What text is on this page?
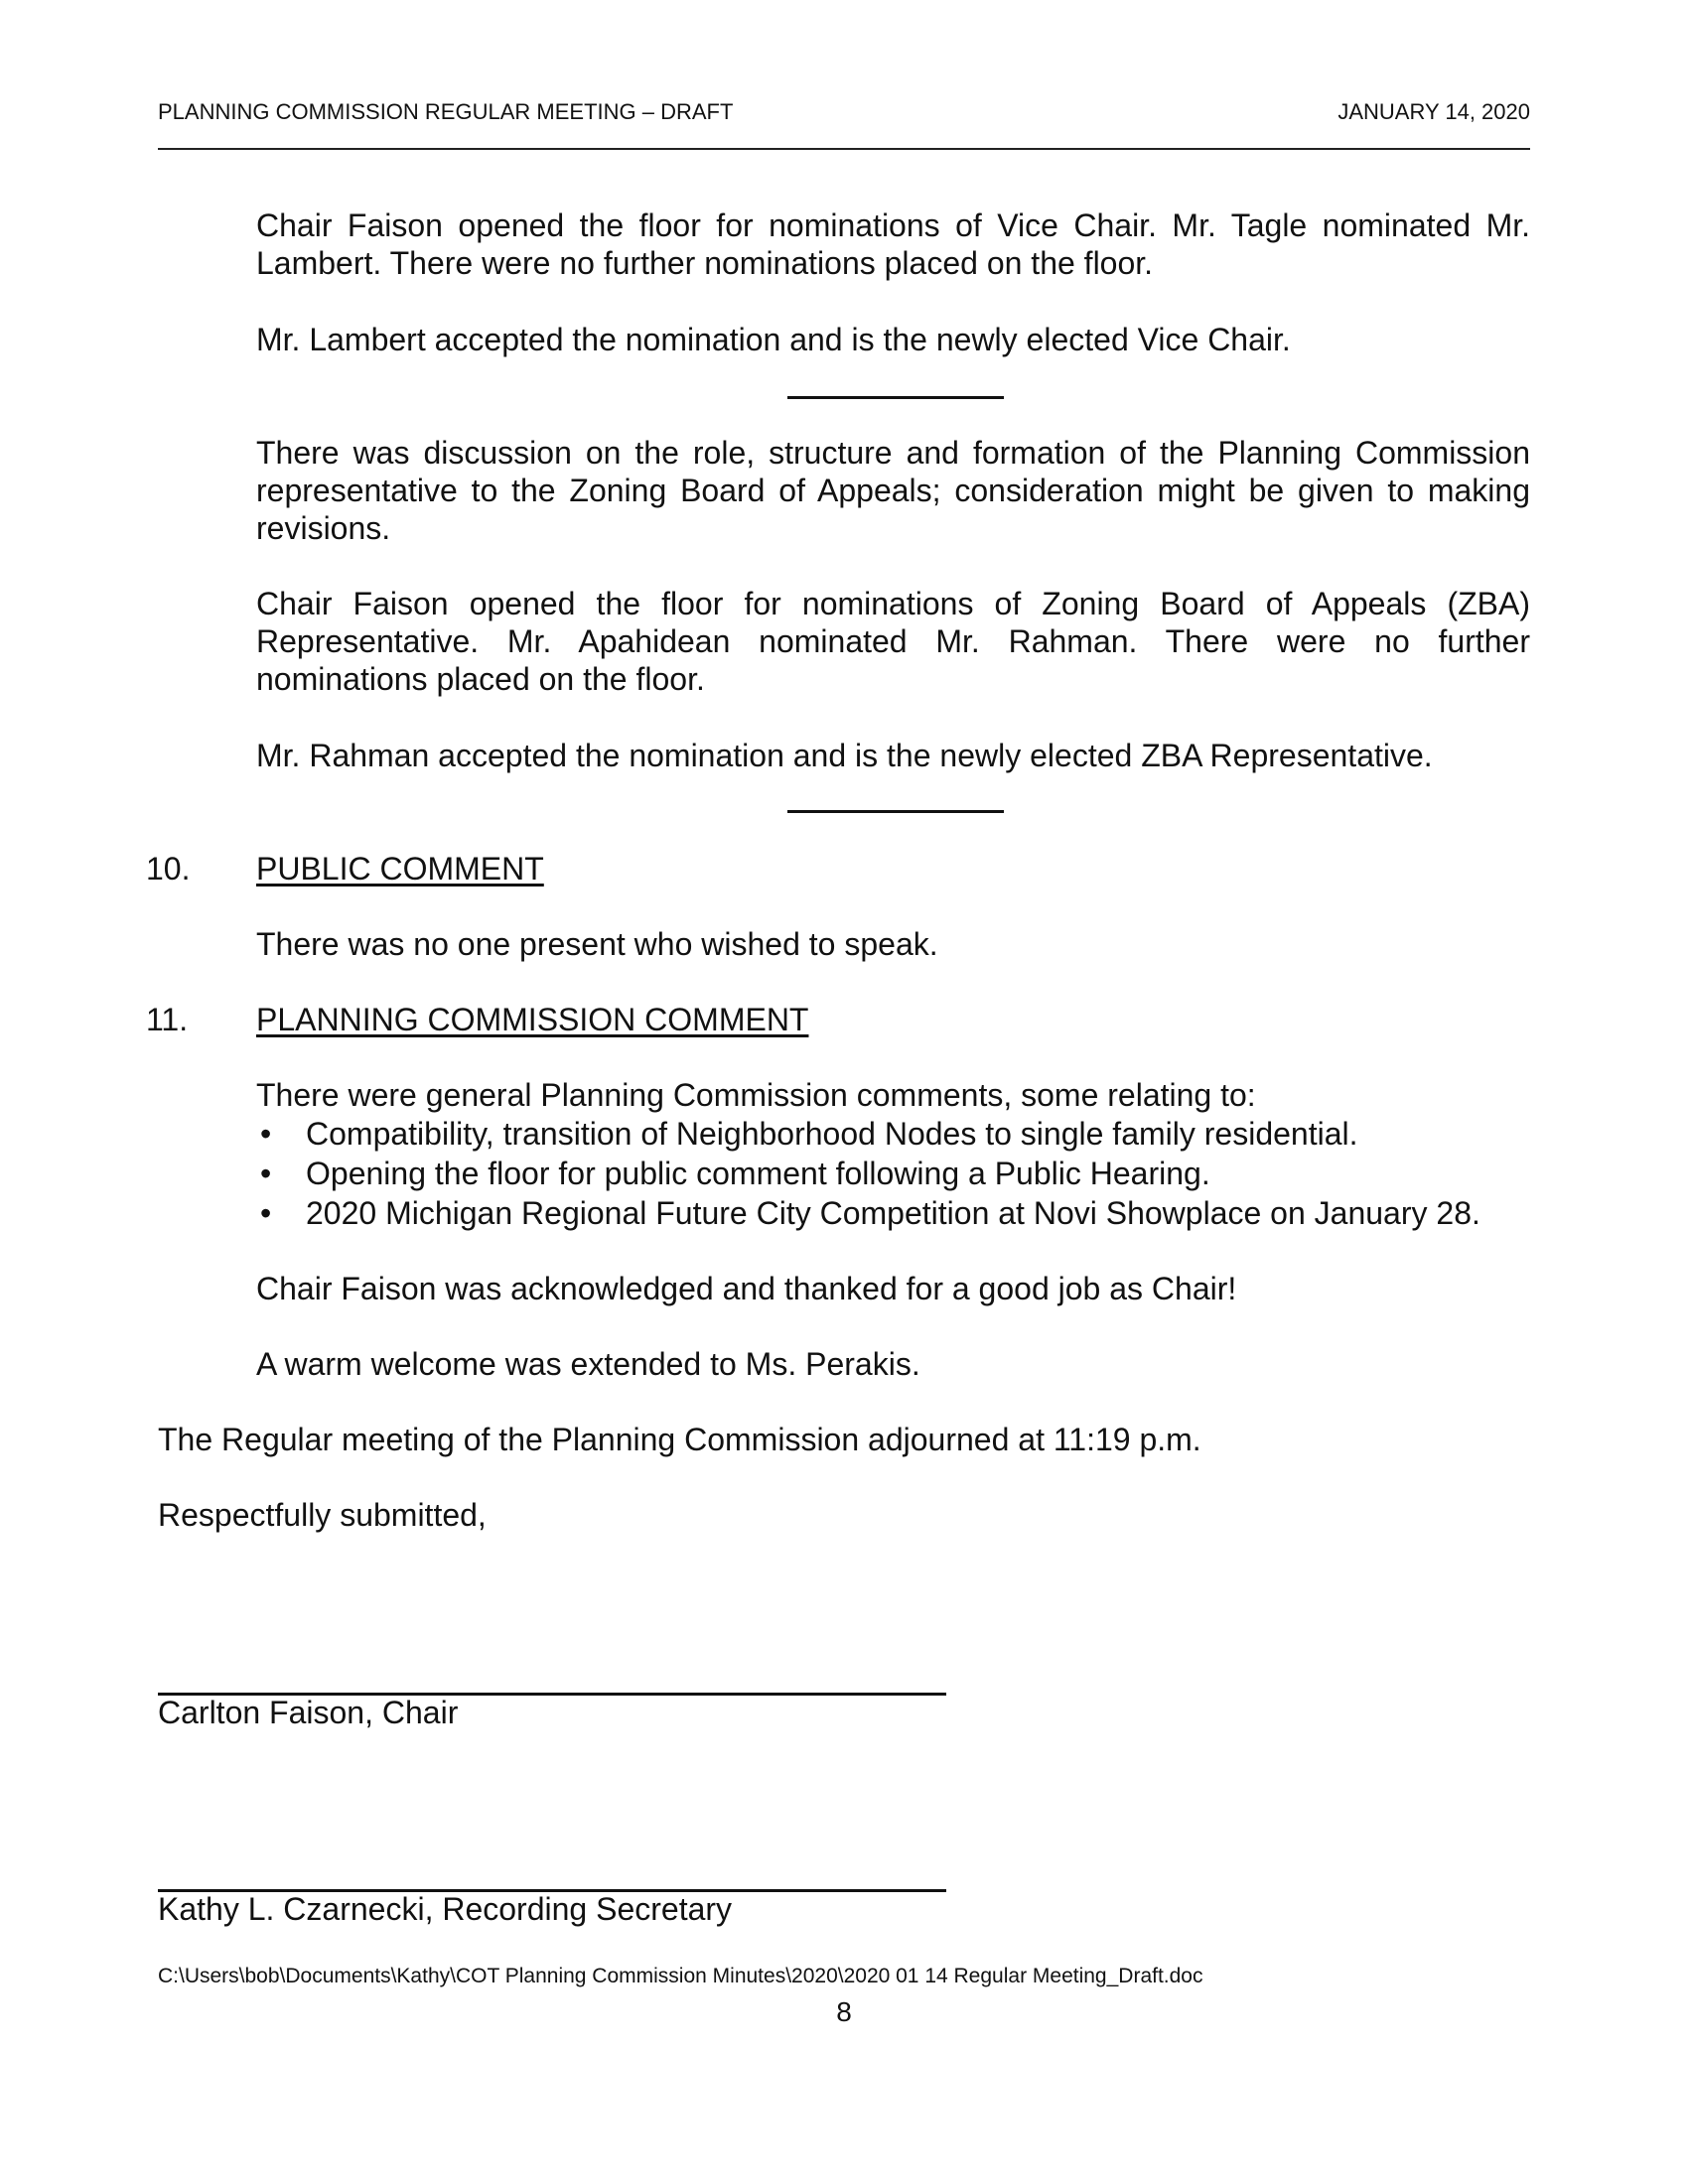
PLANNING COMMISSION REGULAR MEETING – DRAFT	JANUARY 14, 2020
Chair Faison opened the floor for nominations of Vice Chair. Mr. Tagle nominated Mr. Lambert. There were no further nominations placed on the floor.
Mr. Lambert accepted the nomination and is the newly elected Vice Chair.
There was discussion on the role, structure and formation of the Planning Commission representative to the Zoning Board of Appeals; consideration might be given to making revisions.
Chair Faison opened the floor for nominations of Zoning Board of Appeals (ZBA) Representative. Mr. Apahidean nominated Mr. Rahman. There were no further nominations placed on the floor.
Mr. Rahman accepted the nomination and is the newly elected ZBA Representative.
10. PUBLIC COMMENT
There was no one present who wished to speak.
11. PLANNING COMMISSION COMMENT
There were general Planning Commission comments, some relating to:
• Compatibility, transition of Neighborhood Nodes to single family residential.
• Opening the floor for public comment following a Public Hearing.
• 2020 Michigan Regional Future City Competition at Novi Showplace on January 28.
Chair Faison was acknowledged and thanked for a good job as Chair!
A warm welcome was extended to Ms. Perakis.
The Regular meeting of the Planning Commission adjourned at 11:19 p.m.
Respectfully submitted,
Carlton Faison, Chair
Kathy L. Czarnecki, Recording Secretary
C:\Users\bob\Documents\Kathy\COT Planning Commission Minutes\2020\2020 01 14 Regular Meeting_Draft.doc
8
